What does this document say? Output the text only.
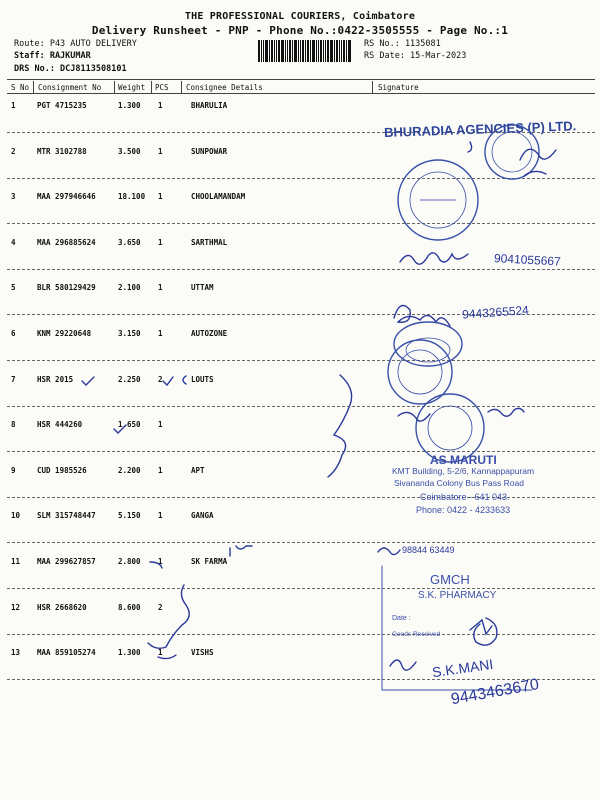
THE PROFESSIONAL COURIERS, Coimbatore
Delivery Runsheet - PNP - Phone No.:0422-3505555 - Page No.:1
Route: P43 AUTO DELIVERY
Staff: RAJKUMAR
DRS No.: DCJ8113508101
RS No.: 1135081
RS Date: 15-Mar-2023
S No Consignment No Weight PCS Consignee Details	Signature
1	PGT 4715235	1.300 1	BHARULIA
2	MTR 3102788	3.500 1	SUNPOWAR
3	MAA 297946646	18.100 1	CHOOLAMANDAM
4	MAA 296885624	3.650 1	SARTHMAL
5	BLR 580129429	2.100 1	UTTAM
6	KNM 29220648	3.150 1	AUTOZONE
7	HSR 2015	2.250 2	LOUTS
8	HSR 444260	1.650 1
9	CUD 1985526	2.200 1	APT
10 SLM 315748447	5.150 1	GANGA
11 MAA 299627857	2.800 1	SK FARMA
12 HSR 2668620	8.600 2
13 MAA 859105274	1.300 1	VISHS
BHURADIA AGENCIES (P) LTD.
9041055667
9443265524
98844 63449
S.K.MANI
9443463670
AS MARUTI
KMT Building, 5-2/6, Kannappapuram
Sivananda Colony Bus Pass Road
Coimbatore - 641 043.
Phone: 0422 - 4233633
GMCH
S.K. PHARMACY
Date :
Goods Received
